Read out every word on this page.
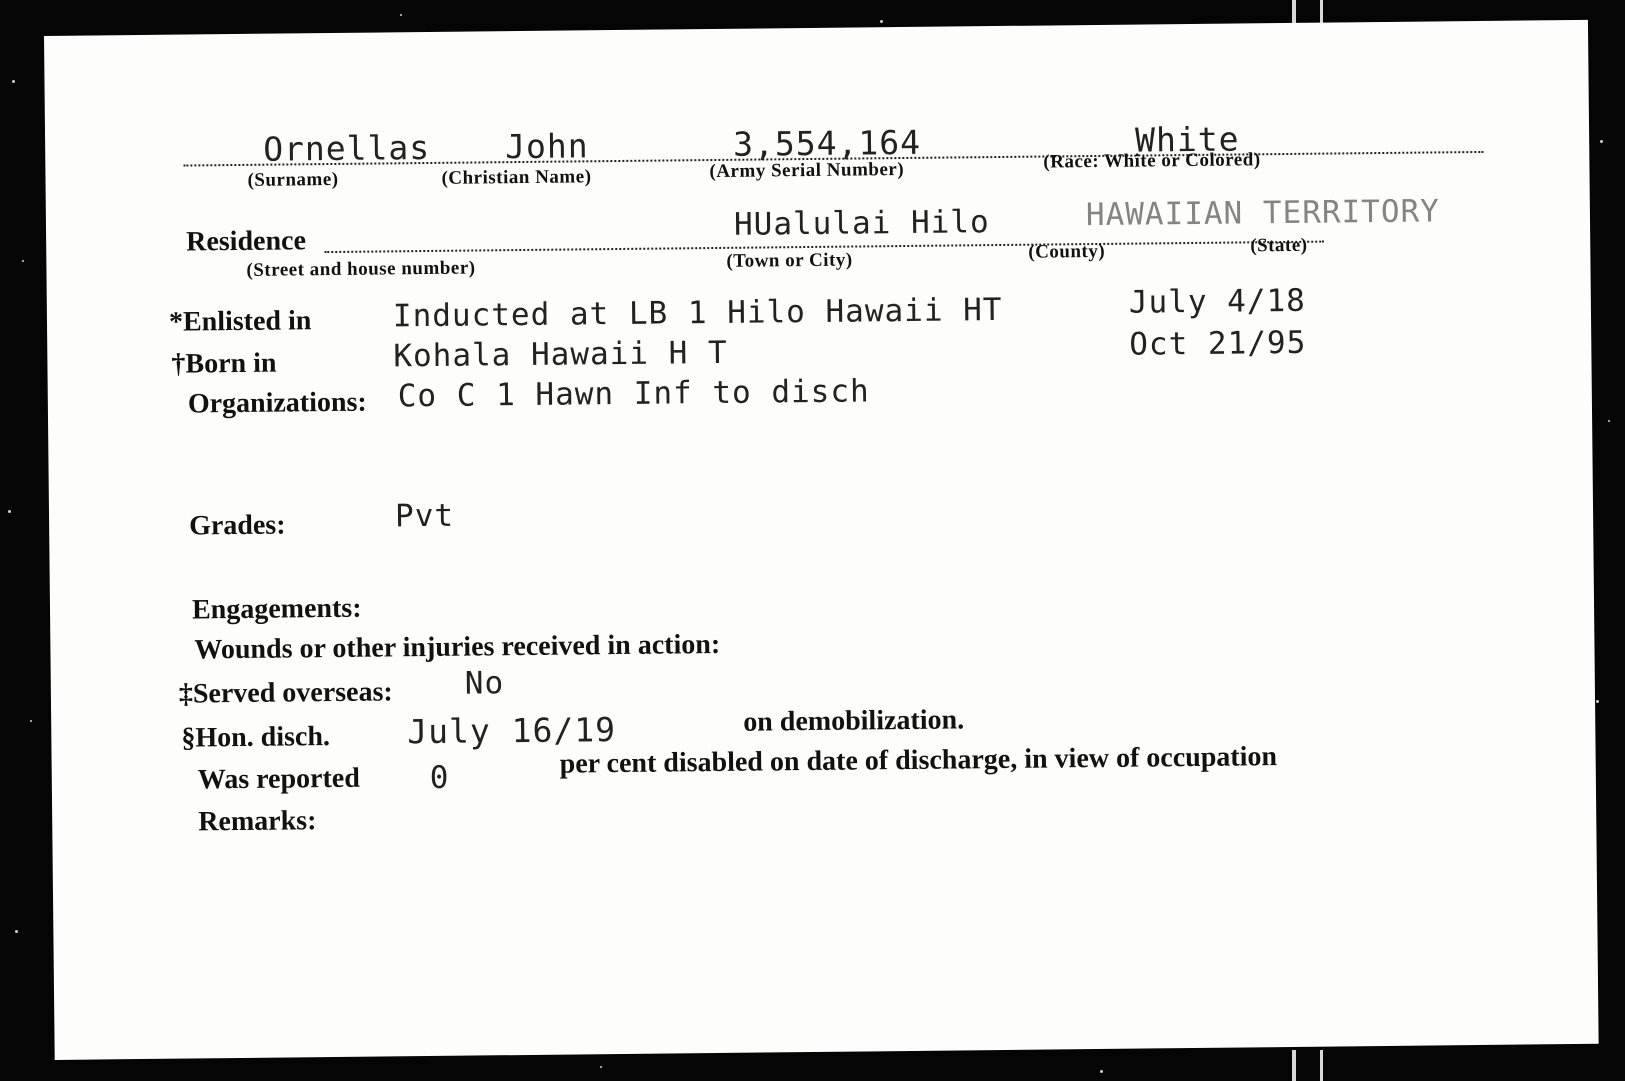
Ornellas John	3,554,164	White
(Surname)	(Christian Name)	(Army Serial Number)	(Race: White or Colored)
Residence	HUalulai Hilo	HAWAIIAN TERRITORY
(Street and house number)	(Town or City)	(County)	(State)
*Enlisted in	Inducted at LB 1 Hilo Hawaii HT	July 4/18
†Born in	Kohala Hawaii H T	Oct 21/95
Organizations: Co C 1 Hawn Inf to disch
Grades:	Pvt
Engagements:
Wounds or other injuries received in action:
‡Served overseas: No
§Hon. disch. July 16/19	on demobilization.
Was reported 0	per cent disabled on date of discharge, in view of occupation
Remarks:
